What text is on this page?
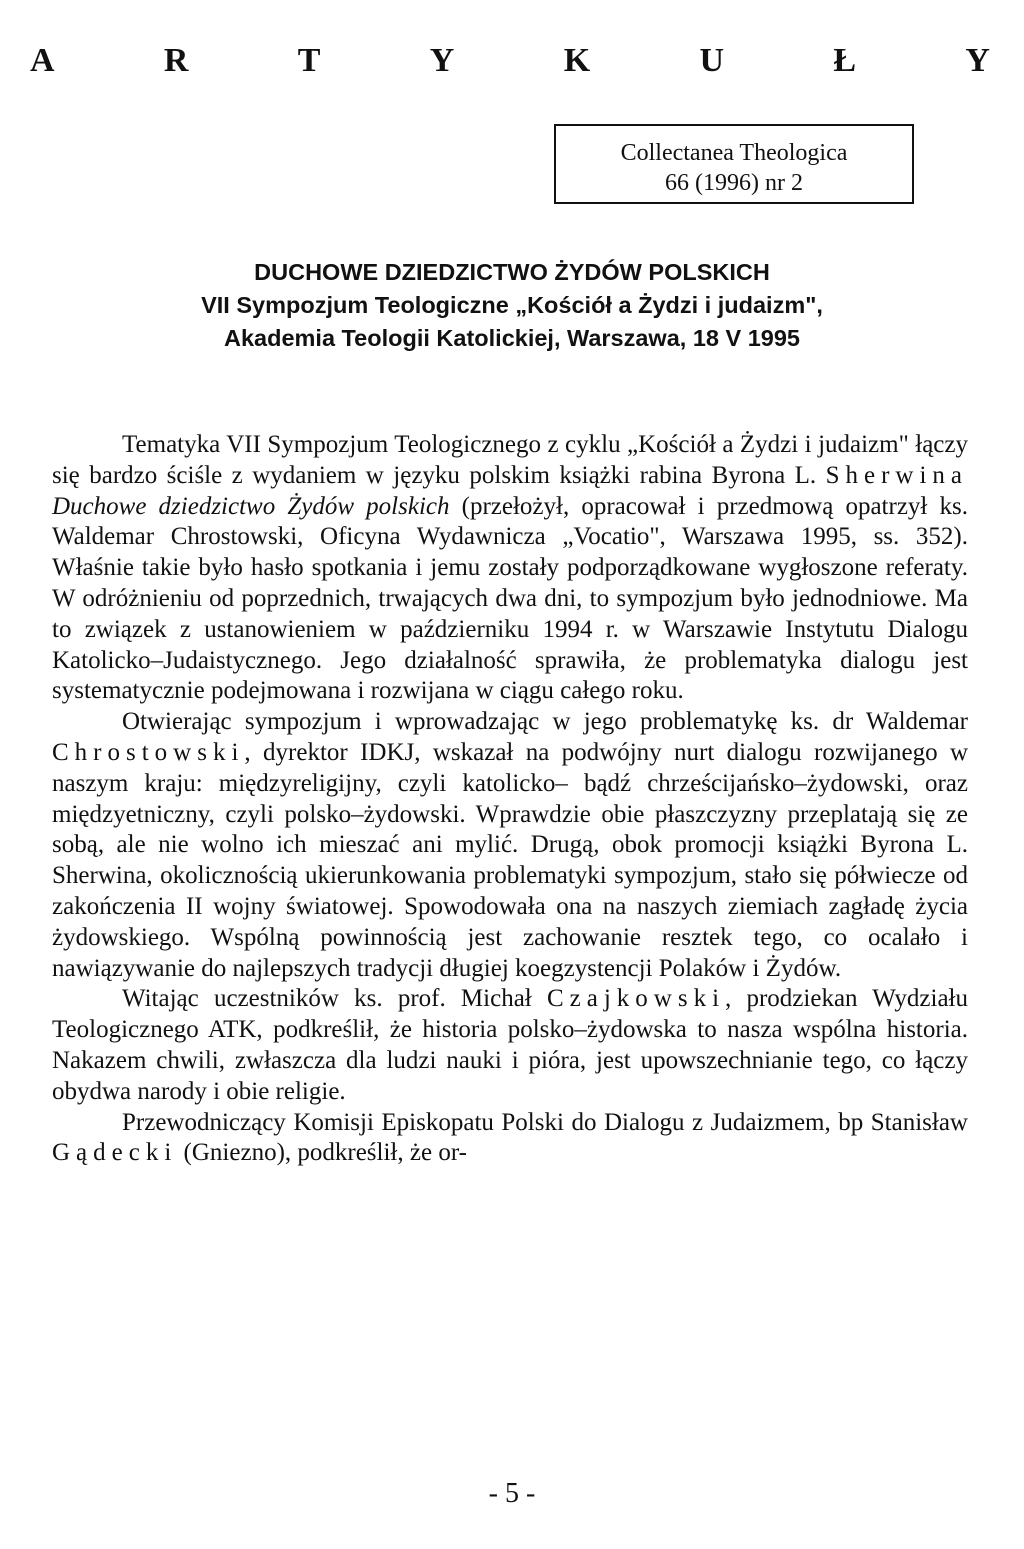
A	R	T	Y	K	U	Ł	Y
Collectanea Theologica
66 (1996) nr 2
DUCHOWE DZIEDZICTWO ŻYDÓW POLSKICH
VII Sympozjum Teologiczne „Kościół a Żydzi i judaizm",
Akademia Teologii Katolickiej, Warszawa, 18 V 1995

Tematyka VII Sympozjum Teologicznego z cyklu „Kościół a Żydzi i judaizm" łączy się bardzo ściśle z wydaniem w języku polskim książki rabina Byrona L. Sherwina Duchowe dziedzictwo Żydów polskich (przełożył, opracował i przedmową opatrzył ks. Waldemar Chrostowski, Oficyna Wydawnicza „Vocatio", Warszawa 1995, ss. 352). Właśnie takie było hasło spotkania i jemu zostały podporządkowane wygłoszone referaty. W odróżnieniu od poprzednich, trwających dwa dni, to sympozjum było jednodniowe. Ma to związek z ustanowieniem w październiku 1994 r. w Warszawie Instytutu Dialogu Katolicko–Judaistycznego. Jego działalność sprawiła, że problematyka dialogu jest systematycznie podejmowana i rozwijana w ciągu całego roku.

Otwierając sympozjum i wprowadzając w jego problematykę ks. dr Waldemar Chrostowski, dyrektor IDKJ, wskazał na podwójny nurt dialogu rozwijanego w naszym kraju: międzyreligijny, czyli katolicko– bądź chrześcijańsko–żydowski, oraz międzyetniczny, czyli polsko–żydowski. Wprawdzie obie płaszczyzny przeplatają się ze sobą, ale nie wolno ich mieszać ani mylić. Drugą, obok promocji książki Byrona L. Sherwina, okolicznością ukierunkowania problematyki sympozjum, stało się półwiecze od zakończenia II wojny światowej. Spowodowała ona na naszych ziemiach zagładę życia żydowskiego. Wspólną powinnością jest zachowanie resztek tego, co ocalało i nawiązywanie do najlepszych tradycji długiej koegzystencji Polaków i Żydów.

Witając uczestników ks. prof. Michał Czajkowski, prodziekan Wydziału Teologicznego ATK, podkreślił, że historia polsko–żydowska to nasza wspólna historia. Nakazem chwili, zwłaszcza dla ludzi nauki i pióra, jest upowszechnianie tego, co łączy obydwa narody i obie religie.

Przewodniczący Komisji Episkopatu Polski do Dialogu z Judaizmem, bp Stanisław Gądecki (Gniezno), podkreślił, że or-

- 5 -
